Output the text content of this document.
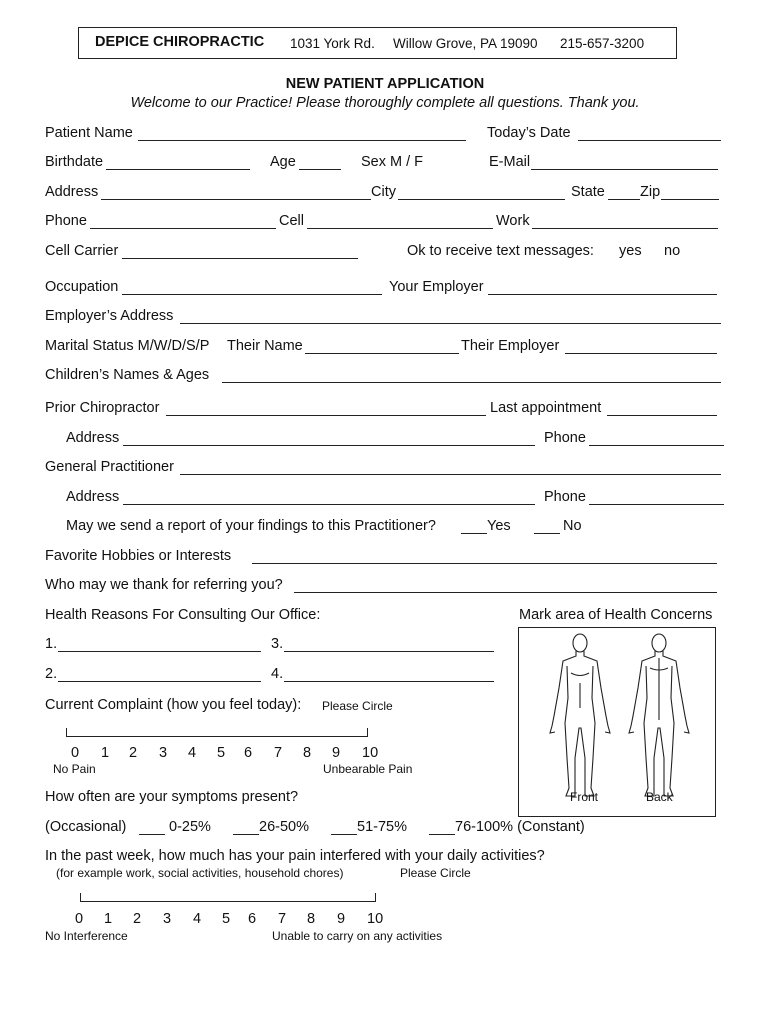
DEPICE CHIROPRACTIC 1031 York Rd. Willow Grove, PA 19090 215-657-3200
NEW PATIENT APPLICATION
Welcome to our Practice! Please thoroughly complete all questions. Thank you.
Patient Name	Today’s Date
Birthdate	Age	Sex M / F	E-Mail
Address	City	State Zip
Phone	Cell	Work
Cell Carrier	Ok to receive text messages: yes no
Occupation	Your Employer
Employer’s Address
Marital Status M/W/D/S/P Their Name	Their Employer
Children’s Names & Ages
Prior Chiropractor	Last appointment
Address	Phone
General Practitioner
Address	Phone
May we send a report of your findings to this Practitioner?	Yes	No
Favorite Hobbies or Interests
Who may we thank for referring you?
Health Reasons For Consulting Our Office:	Mark area of Health Concerns
1.	3.
2.	4.
Front	Back
Current Complaint (how you feel today): Please Circle
0 1 2 3 4 5 6 7 8 9 10
No Pain	Unbearable Pain
How often are your symptoms present?
(Occasional)	0-25%	26-50%	51-75%	76-100% (Constant)
In the past week, how much has your pain interfered with your daily activities?
(for example work, social activities, household chores)	Please Circle
0 1 2 3 4 5 6 7 8 9 10
No Interference	Unable to carry on any activities
